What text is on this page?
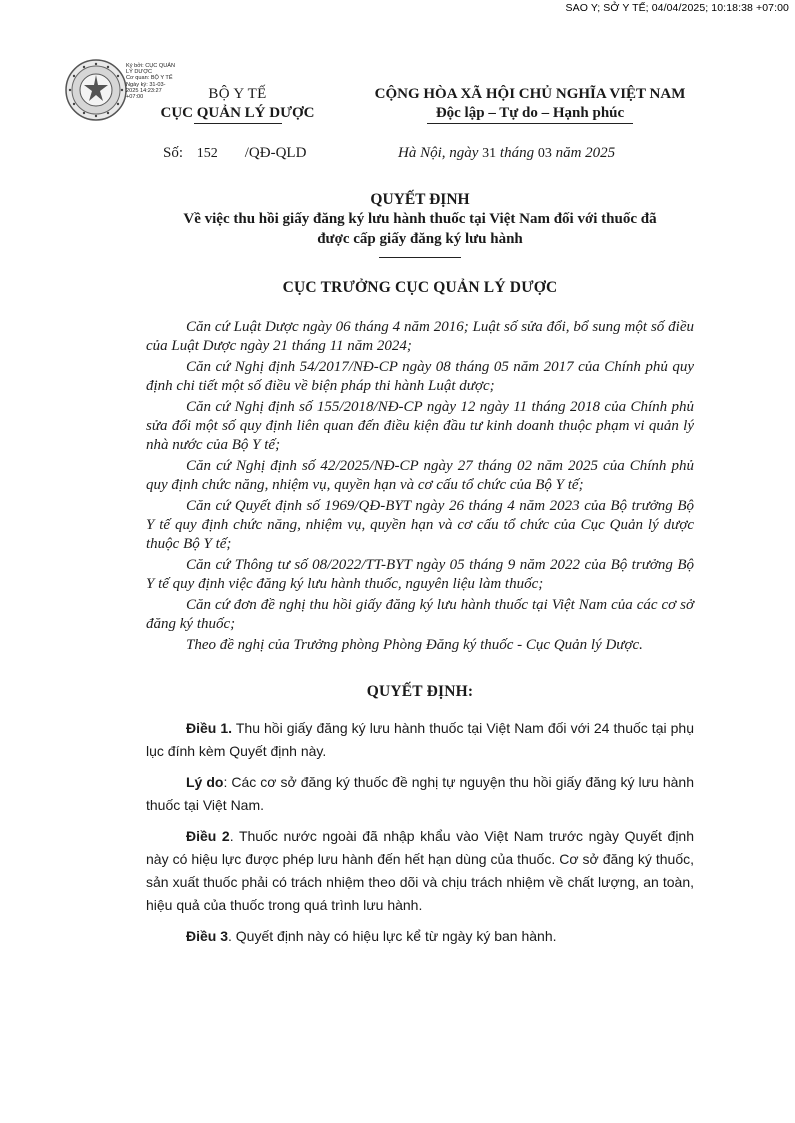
SAO Y; SỞ Y TẾ; 04/04/2025; 10:18:38 +07:00
Ký bởi: CỤC QUẢN
LÝ DƯỢC
Cơ quan: BỘ Y TẾ
Ngày ký: 31-03-
2025 14:23:27
+07:00	BỘ Y TẾ
CỤC QUẢN LÝ DƯỢC
CỘNG HÒA XÃ HỘI CHỦ NGHĨA VIỆT NAM
Độc lập – Tự do – Hạnh phúc
Số: 152 /QĐ-QLD	Hà Nội, ngày 31 tháng 03 năm 2025
QUYẾT ĐỊNH
Về việc thu hồi giấy đăng ký lưu hành thuốc tại Việt Nam đối với thuốc đã
được cấp giấy đăng ký lưu hành
CỤC TRƯỞNG CỤC QUẢN LÝ DƯỢC

Căn cứ Luật Dược ngày 06 tháng 4 năm 2016; Luật số sửa đổi, bổ sung một số điều của Luật Dược ngày 21 tháng 11 năm 2024;

Căn cứ Nghị định 54/2017/NĐ-CP ngày 08 tháng 05 năm 2017 của Chính phủ quy định chi tiết một số điều về biện pháp thi hành Luật dược;

Căn cứ Nghị định số 155/2018/NĐ-CP ngày 12 ngày 11 tháng 2018 của Chính phủ sửa đổi một số quy định liên quan đến điều kiện đầu tư kinh doanh thuộc phạm vi quản lý nhà nước của Bộ Y tế;

Căn cứ Nghị định số 42/2025/NĐ-CP ngày 27 tháng 02 năm 2025 của Chính phủ quy định chức năng, nhiệm vụ, quyền hạn và cơ cấu tổ chức của Bộ Y tế;

Căn cứ Quyết định số 1969/QĐ-BYT ngày 26 tháng 4 năm 2023 của Bộ trưởng Bộ Y tế quy định chức năng, nhiệm vụ, quyền hạn và cơ cấu tổ chức của Cục Quản lý dược thuộc Bộ Y tế;

Căn cứ Thông tư số 08/2022/TT-BYT ngày 05 tháng 9 năm 2022 của Bộ trưởng Bộ Y tế quy định việc đăng ký lưu hành thuốc, nguyên liệu làm thuốc;

Căn cứ đơn đề nghị thu hồi giấy đăng ký lưu hành thuốc tại Việt Nam của các cơ sở đăng ký thuốc;

Theo đề nghị của Trưởng phòng Phòng Đăng ký thuốc - Cục Quản lý Dược.

QUYẾT ĐỊNH:

Điều 1. Thu hồi giấy đăng ký lưu hành thuốc tại Việt Nam đối với 24 thuốc tại phụ lục đính kèm Quyết định này.

Lý do: Các cơ sở đăng ký thuốc đề nghị tự nguyện thu hồi giấy đăng ký lưu hành thuốc tại Việt Nam.

Điều 2. Thuốc nước ngoài đã nhập khẩu vào Việt Nam trước ngày Quyết định này có hiệu lực được phép lưu hành đến hết hạn dùng của thuốc. Cơ sở đăng ký thuốc, sản xuất thuốc phải có trách nhiệm theo dõi và chịu trách nhiệm về chất lượng, an toàn, hiệu quả của thuốc trong quá trình lưu hành.

Điều 3. Quyết định này có hiệu lực kể từ ngày ký ban hành.
